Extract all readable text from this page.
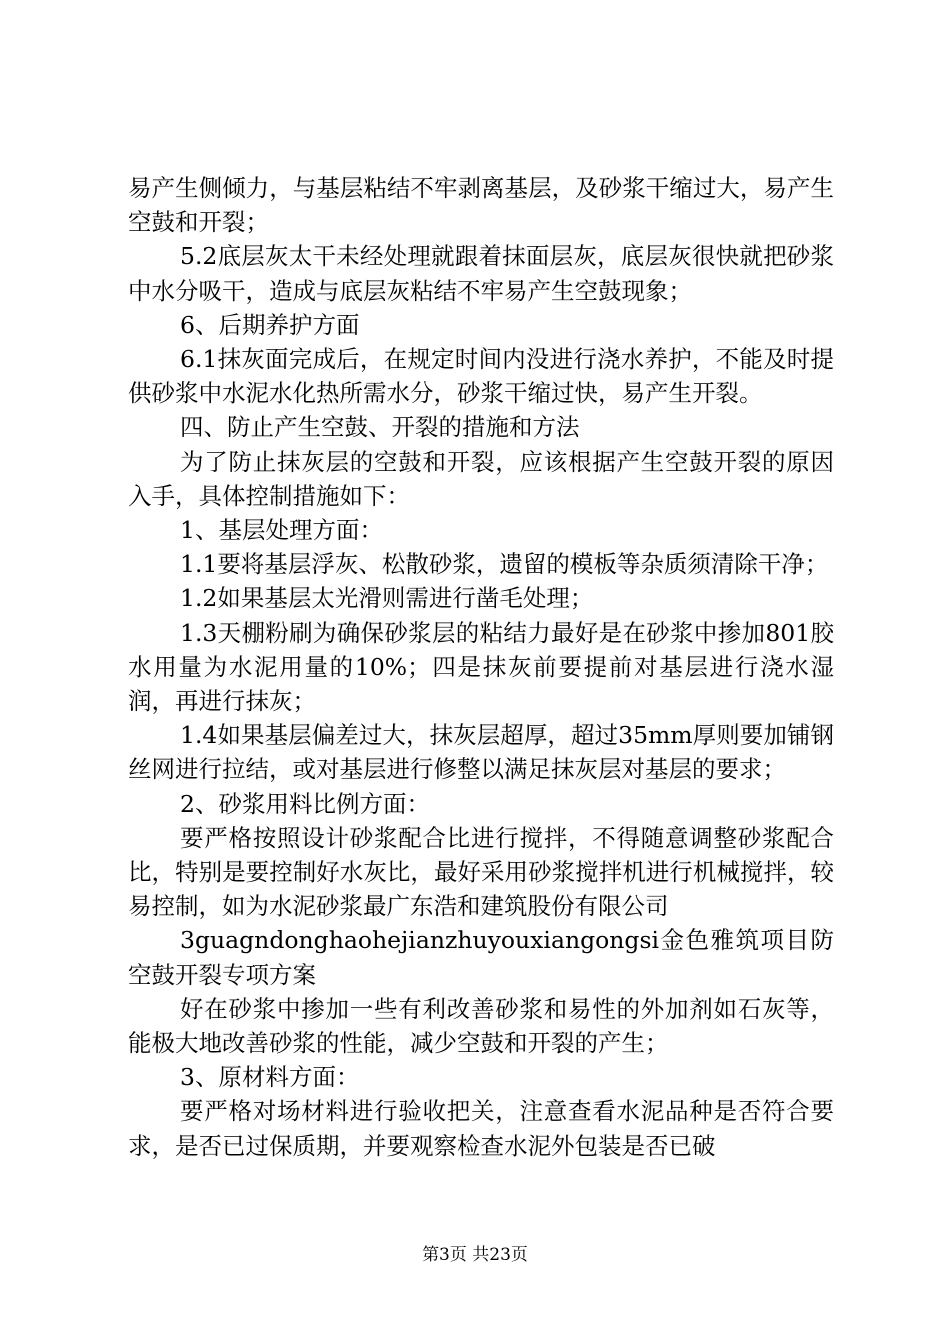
易产生侧倾力，与基层粘结不牢剥离基层，及砂浆干缩过大，易产生空鼓和开裂；

5.2底层灰太干未经处理就跟着抹面层灰，底层灰很快就把砂浆中水分吸干，造成与底层灰粘结不牢易产生空鼓现象；

6、后期养护方面

6.1抹灰面完成后，在规定时间内没进行浇水养护，不能及时提供砂浆中水泥水化热所需水分，砂浆干缩过快，易产生开裂。

四、防止产生空鼓、开裂的措施和方法

为了防止抹灰层的空鼓和开裂，应该根据产生空鼓开裂的原因入手，具体控制措施如下：

1、基层处理方面：

1.1要将基层浮灰、松散砂浆，遗留的模板等杂质须清除干净；

1.2如果基层太光滑则需进行凿毛处理；

1.3天棚粉刷为确保砂浆层的粘结力最好是在砂浆中掺加801胶水用量为水泥用量的10%；四是抹灰前要提前对基层进行浇水湿润，再进行抹灰；

1.4如果基层偏差过大，抹灰层超厚，超过35mm厚则要加铺钢丝网进行拉结，或对基层进行修整以满足抹灰层对基层的要求；

2、砂浆用料比例方面：

要严格按照设计砂浆配合比进行搅拌，不得随意调整砂浆配合比，特别是要控制好水灰比，最好采用砂浆搅拌机进行机械搅拌，较易控制，如为水泥砂浆最广东浩和建筑股份有限公司

3guagndonghaohejianzhuyouxiangongsi金色雅筑项目防空鼓开裂专项方案

好在砂浆中掺加一些有利改善砂浆和易性的外加剂如石灰等，能极大地改善砂浆的性能，减少空鼓和开裂的产生；

3、原材料方面：

要严格对场材料进行验收把关，注意查看水泥品种是否符合要求，是否已过保质期，并要观察检查水泥外包装是否已破

第3页 共23页
